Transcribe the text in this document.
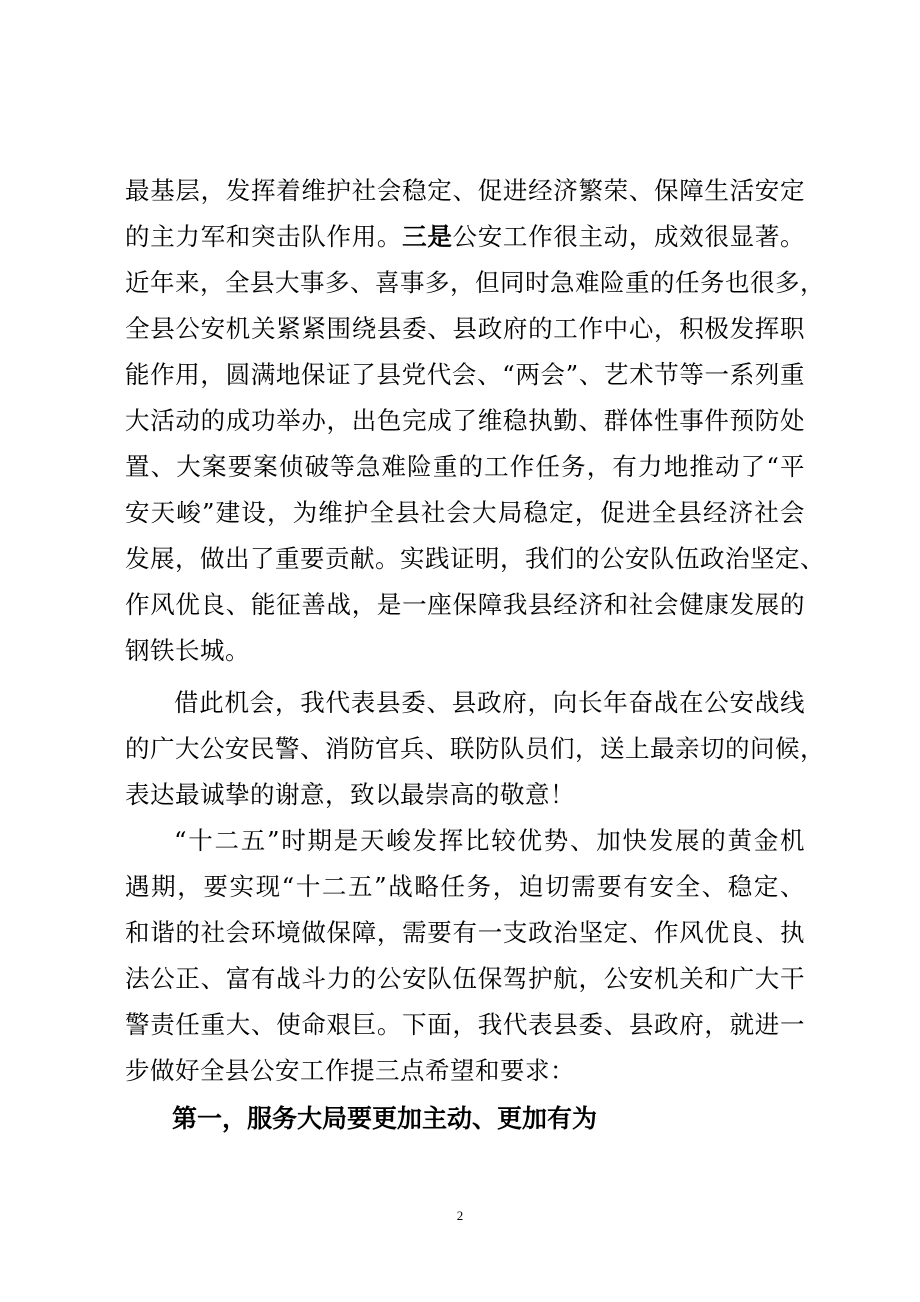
最基层，发挥着维护社会稳定、促进经济繁荣、保障生活安定
的主力军和突击队作用。三是公安工作很主动，成效很显著。
近年来，全县大事多、喜事多，但同时急难险重的任务也很多，
全县公安机关紧紧围绕县委、县政府的工作中心，积极发挥职
能作用，圆满地保证了县党代会、“两会”、艺术节等一系列重
大活动的成功举办，出色完成了维稳执勤、群体性事件预防处
置、大案要案侦破等急难险重的工作任务，有力地推动了“平
安天峻”建设，为维护全县社会大局稳定，促进全县经济社会
发展，做出了重要贡献。实践证明，我们的公安队伍政治坚定、
作风优良、能征善战，是一座保障我县经济和社会健康发展的
钢铁长城。
借此机会，我代表县委、县政府，向长年奋战在公安战线
的广大公安民警、消防官兵、联防队员们，送上最亲切的问候，
表达最诚挚的谢意，致以最崇高的敬意！
“十二五”时期是天峻发挥比较优势、加快发展的黄金机
遇期，要实现“十二五”战略任务，迫切需要有安全、稳定、
和谐的社会环境做保障，需要有一支政治坚定、作风优良、执
法公正、富有战斗力的公安队伍保驾护航，公安机关和广大干
警责任重大、使命艰巨。下面，我代表县委、县政府，就进一
步做好全县公安工作提三点希望和要求：
第一，服务大局要更加主动、更加有为
2
